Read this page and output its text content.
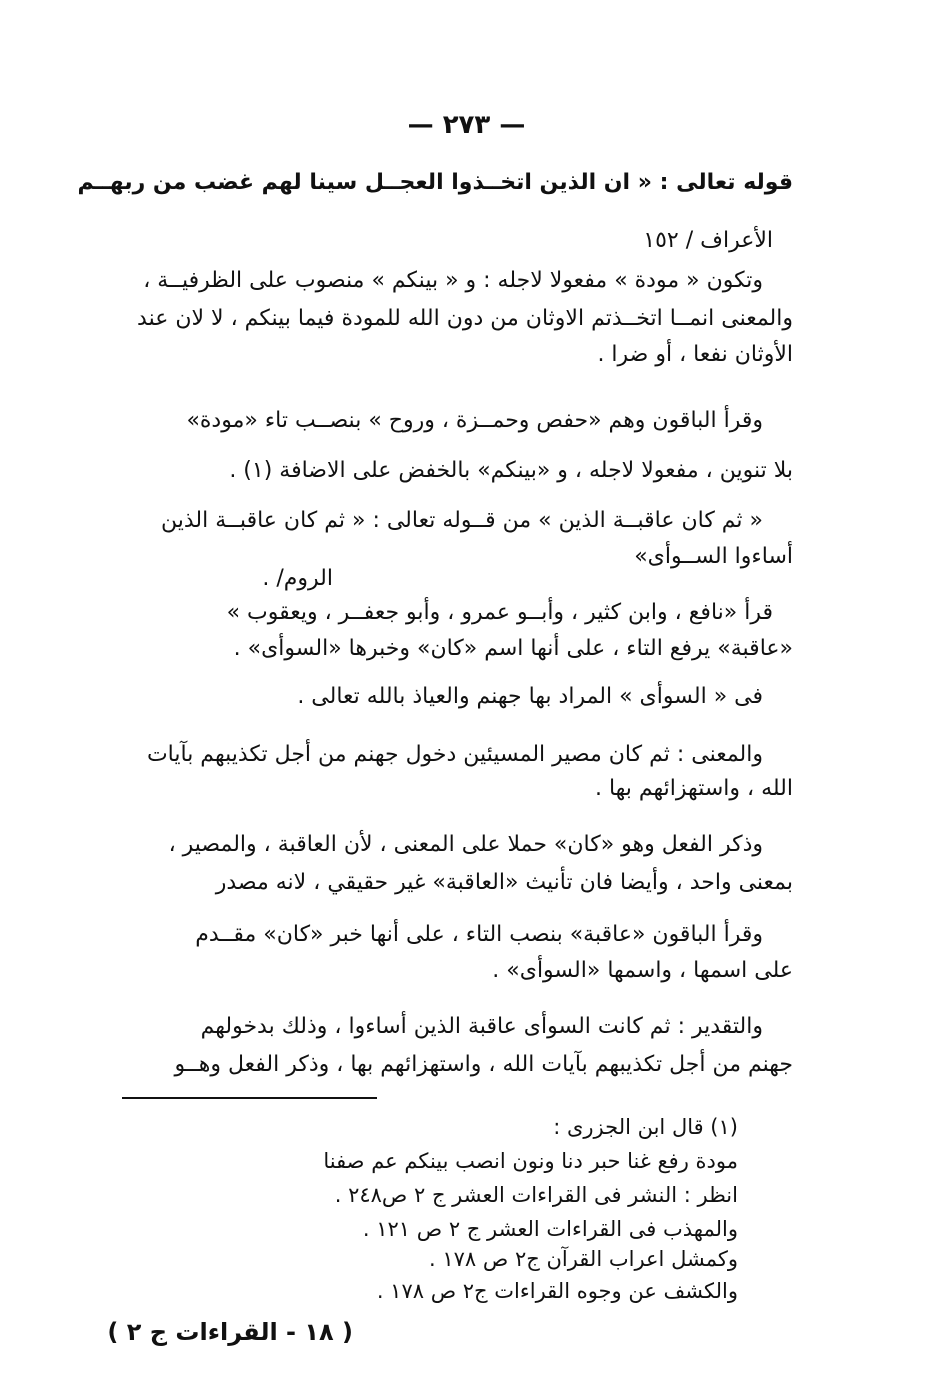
— ٢٧٣ —
قوله تعالى : « ان الذين اتخــذوا العجــل سينا لهم غضب من ربهــم
الأعراف / ١٥٢
وتكون « مودة » مفعولا لاجله : و « بينكم » منصوب على الظرفيــة ،
والمعنى انمــا اتخــذتم الاوثان من دون الله للمودة فيما بينكم ، لا لان عند
الأوثان نفعا ، أو ضرا .
وقرأ الباقون وهم «حفص وحمــزة ، وروح » بنصــب تاء «مودة»
بلا تنوين ، مفعولا لاجله ، و «بينكم» بالخفض على الاضافة (١) .
« ثم كان عاقبــة الذين » من قــوله تعالى : « ثم كان عاقبــة الذين
أساءوا الســوأى»
الروم/ .
قرأ «نافع ، وابن كثير ، وأبــو عمرو ، وأبو جعفــر ، ويعقوب »
«عاقبة» يرفع التاء ، على أنها اسم «كان» وخبرها «السوأى» .
فى « السوأى » المراد بها جهنم والعياذ بالله تعالى .
والمعنى : ثم كان مصير المسيئين دخول جهنم من أجل تكذيبهم بآيات
الله ، واستهزائهم بها .
وذكر الفعل وهو «كان» حملا على المعنى ، لأن العاقبة ، والمصير ،
بمعنى واحد ، وأيضا فان تأنيث «العاقبة» غير حقيقي ، لانه مصدر
وقرأ الباقون «عاقبة» بنصب التاء ، على أنها خبر «كان» مقــدم
على اسمها ، واسمها «السوأى» .
والتقدير : ثم كانت السوأى عاقبة الذين أساءوا ، وذلك بدخولهم
جهنم من أجل تكذيبهم بآيات الله ، واستهزائهم بها ، وذكر الفعل وهــو
(١) قال ابن الجزرى :
مودة رفع غنا حبر دنا ونون انصب بينكم عم صفنا
انظر : النشر فى القراءات العشر ج ٢ ص٢٤٨ .
والمهذب فى القراءات العشر ج ٢ ص ١٢١ .
وكمشل اعراب القرآن ج٢ ص ١٧٨ .
والكشف عن وجوه القراءات ج٢ ص ١٧٨ .
( ١٨ - القراءات ج ٢ )
